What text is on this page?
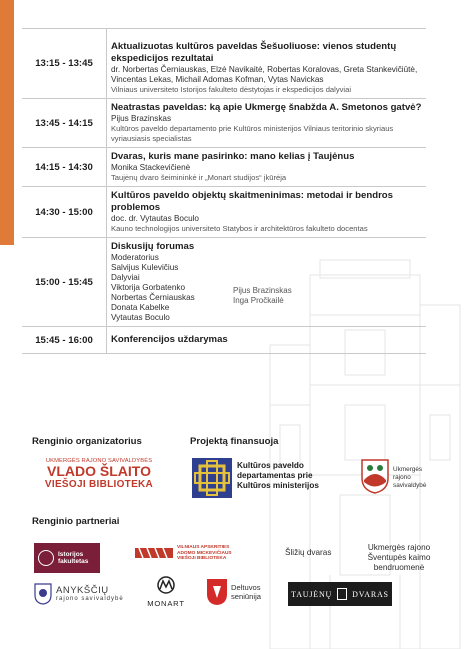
13:15 - 13:45
Aktualizuotas kultūros paveldas Šešuoliuose: vienos studentų ekspedicijos rezultatai
dr. Norbertas Černiauskas, Elzė Navikaitė, Robertas Koralovas, Greta Stankevičiūtė, Vincentas Lekas, Michail Adomas Kofman, Vytas Navickas
Vilniaus universiteto Istorijos fakulteto dėstytojas ir ekspedicijos dalyviai
13:45 - 14:15
Neatrastas paveldas: ką apie Ukmergę šnabžda A. Smetonos gatvė?
Pijus Brazinskas
Kultūros paveldo departamento prie Kultūros ministerijos Vilniaus teritorinio skyriaus vyriausiasis specialistas
14:15 - 14:30
Dvaras, kuris mane pasirinko: mano kelias į Taujėnus
Monika Stackevičienė
Taujėnų dvaro šeimininkė ir „Monart studijos“ įkūrėja
14:30 - 15:00
Kultūros paveldo objektų skaitmeninimas: metodai ir bendros problemos
doc. dr. Vytautas Boculo
Kauno technologijos universiteto Statybos ir architektūros fakulteto docentas
15:00 - 15:45
Diskusijų forumas
Moderatorius
Salvijus Kulevičius
Dalyviai
Viktorija Gorbatenko
Norbertas Černiauskas
Donata Kabelke
Vytautas Boculo
Pijus Brazinskas
Inga Pročkailė
15:45 - 16:00	Konferencijos uždarymas
Renginio organizatorius
UKMERGĖS RAJONO SAVIVALDYBĖS
VLADO ŠLAITO
VIEŠOJI BIBLIOTEKA
Projektą finansuoja
Kultūros paveldo departamentas prie Kultūros ministerijos
Ukmergės rajono savivaldybė
Renginio partneriai
Istorijos fakultetas
VILNIAUS APSKRITIES ADOMO MICKEVIČIAUS VIEŠOJI BIBLIOTEKA
Šližių dvaras
Ukmergės rajono Šventupės kaimo bendruomenė
ANYKŠČIŲ
rajono savivaldybė	MONART
Deltuvos seniūnija	TAUJĖNŲ	DVARAS
